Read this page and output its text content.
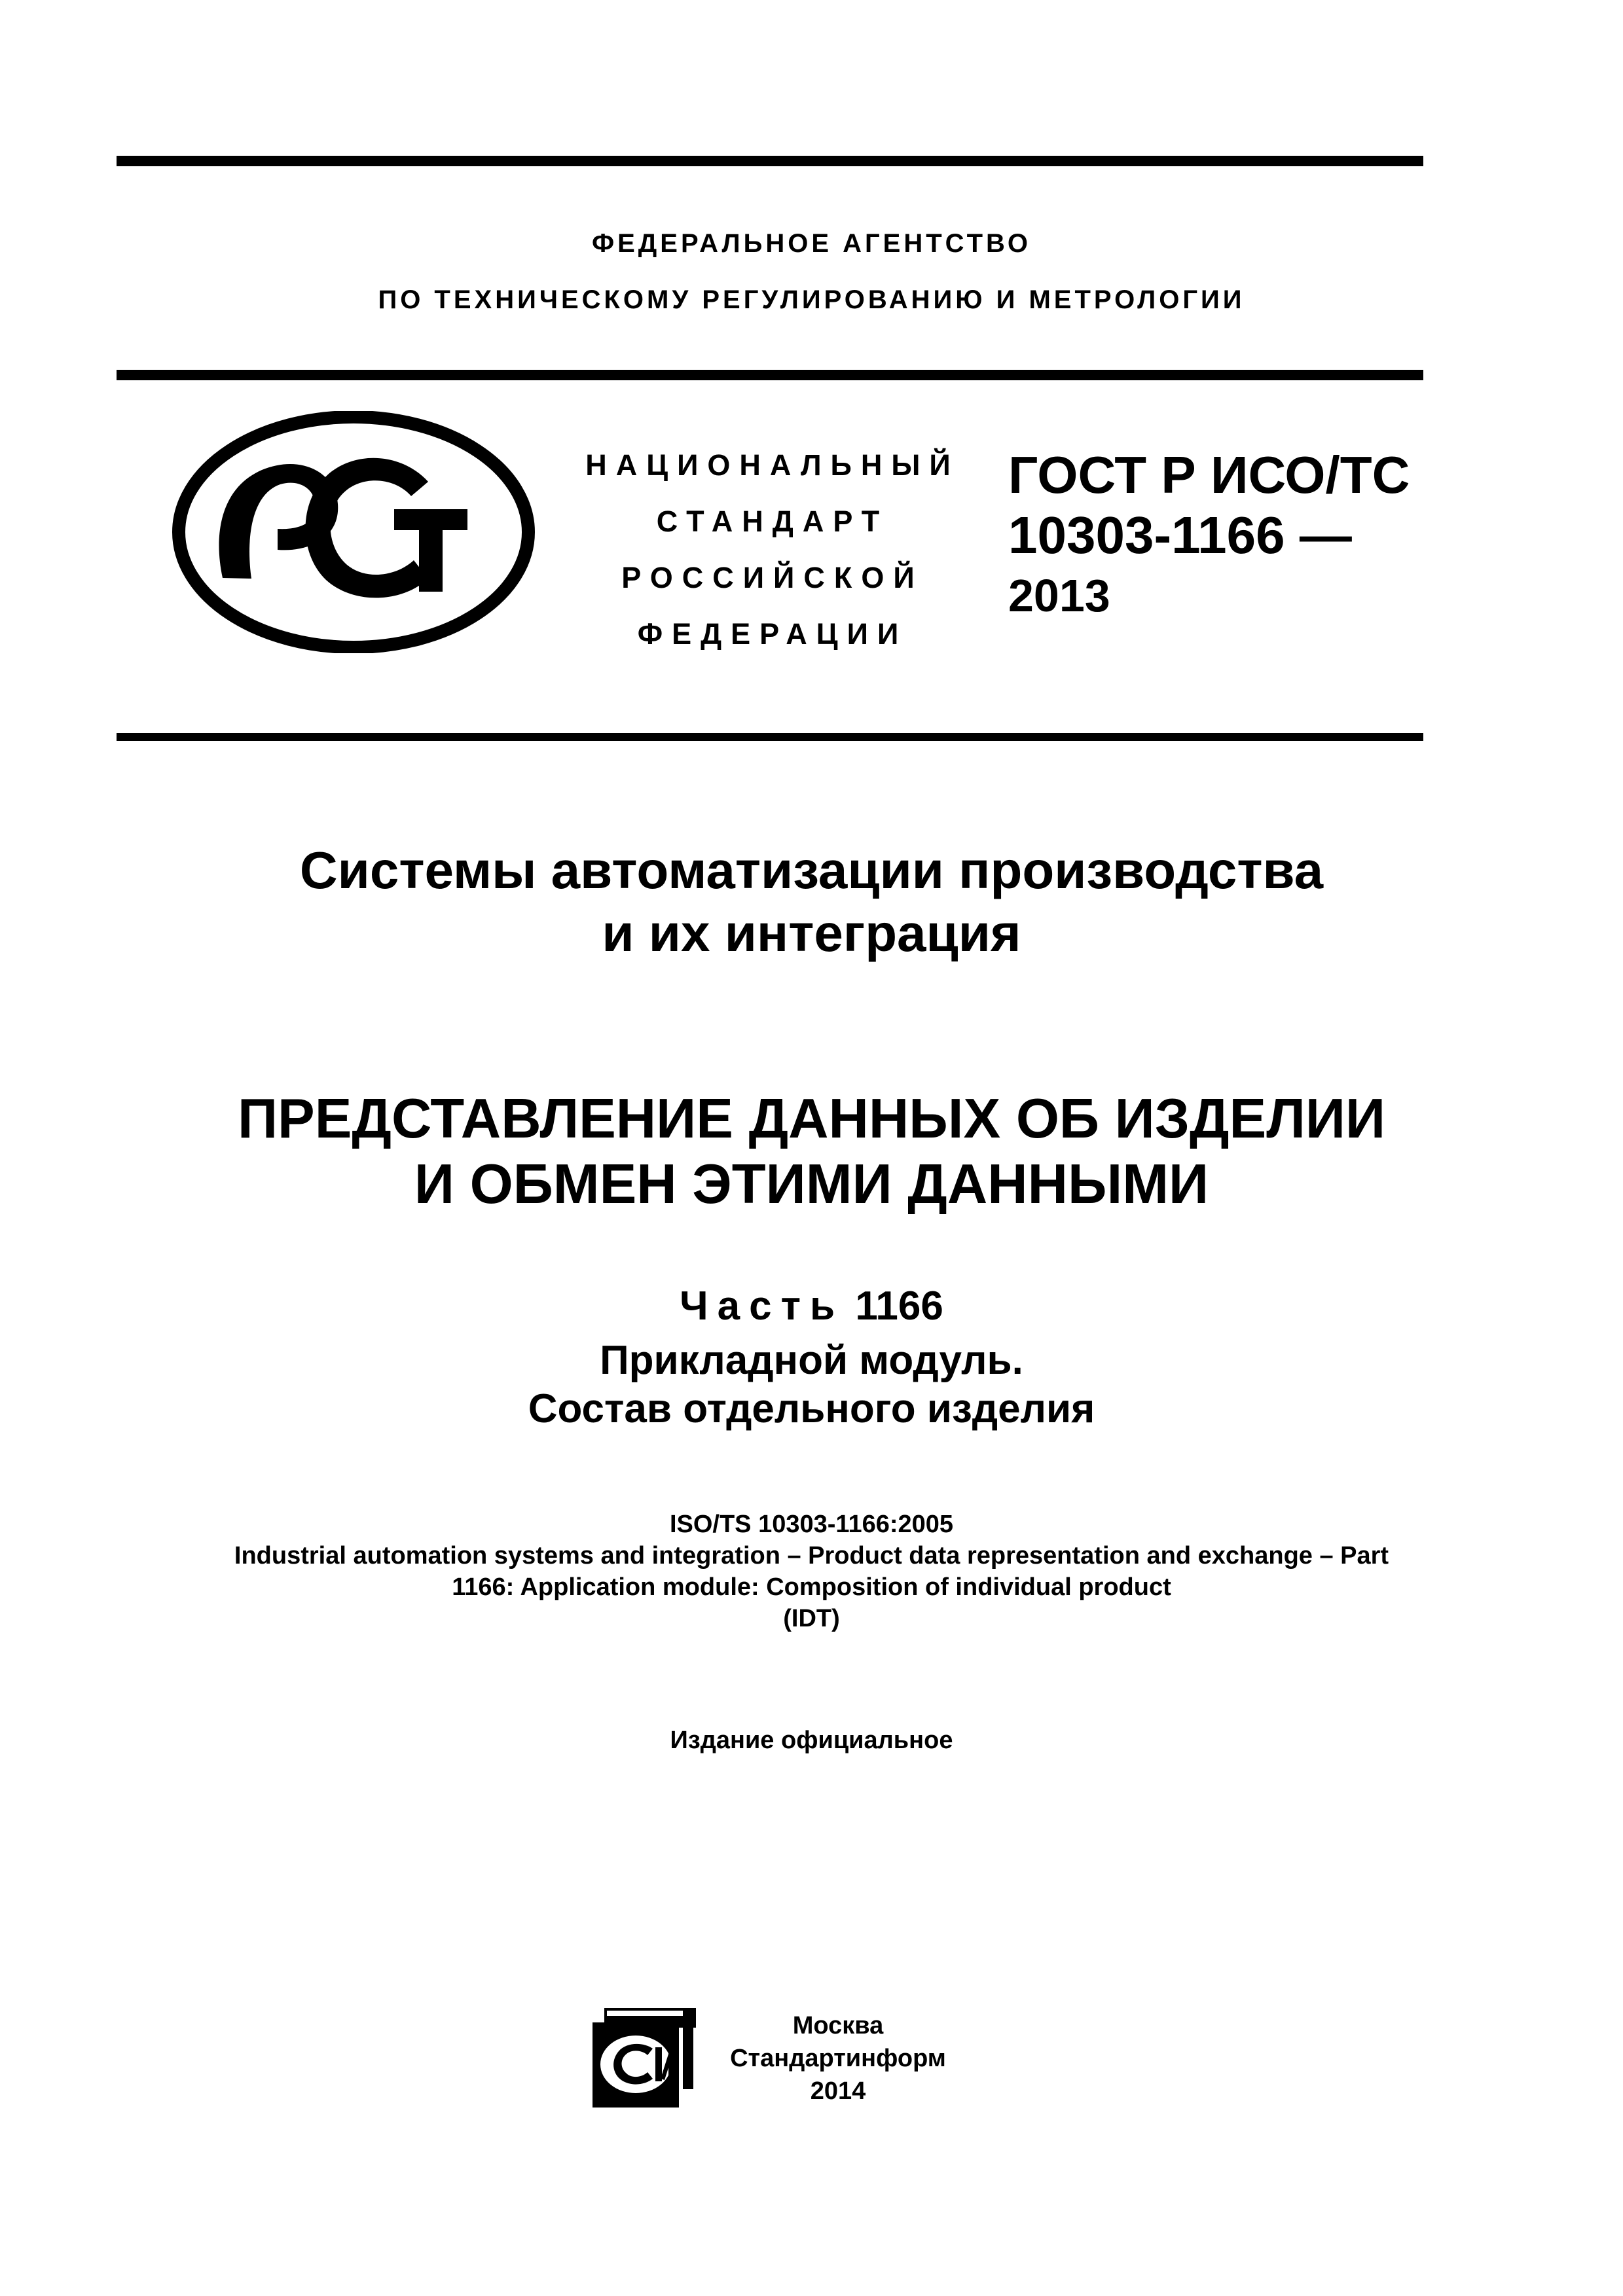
ФЕДЕРАЛЬНОЕ АГЕНТСТВО
ПО ТЕХНИЧЕСКОМУ РЕГУЛИРОВАНИЮ И МЕТРОЛОГИИ
НАЦИОНАЛЬНЫЙ
СТАНДАРТ
РОССИЙСКОЙ
ФЕДЕРАЦИИ
ГОСТ Р ИСО/ТС
10303-1166 —
2013
Системы автоматизации производства
и их интеграция
ПРЕДСТАВЛЕНИЕ ДАННЫХ ОБ ИЗДЕЛИИ
И ОБМЕН ЭТИМИ ДАННЫМИ
Часть 1166
Прикладной модуль.
Состав отдельного изделия
ISO/TS 10303-1166:2005
Industrial automation systems and integration – Product data representation and exchange – Part
1166: Application module: Composition of individual product
(IDT)
Издание официальное
Москва
Стандартинформ
2014
